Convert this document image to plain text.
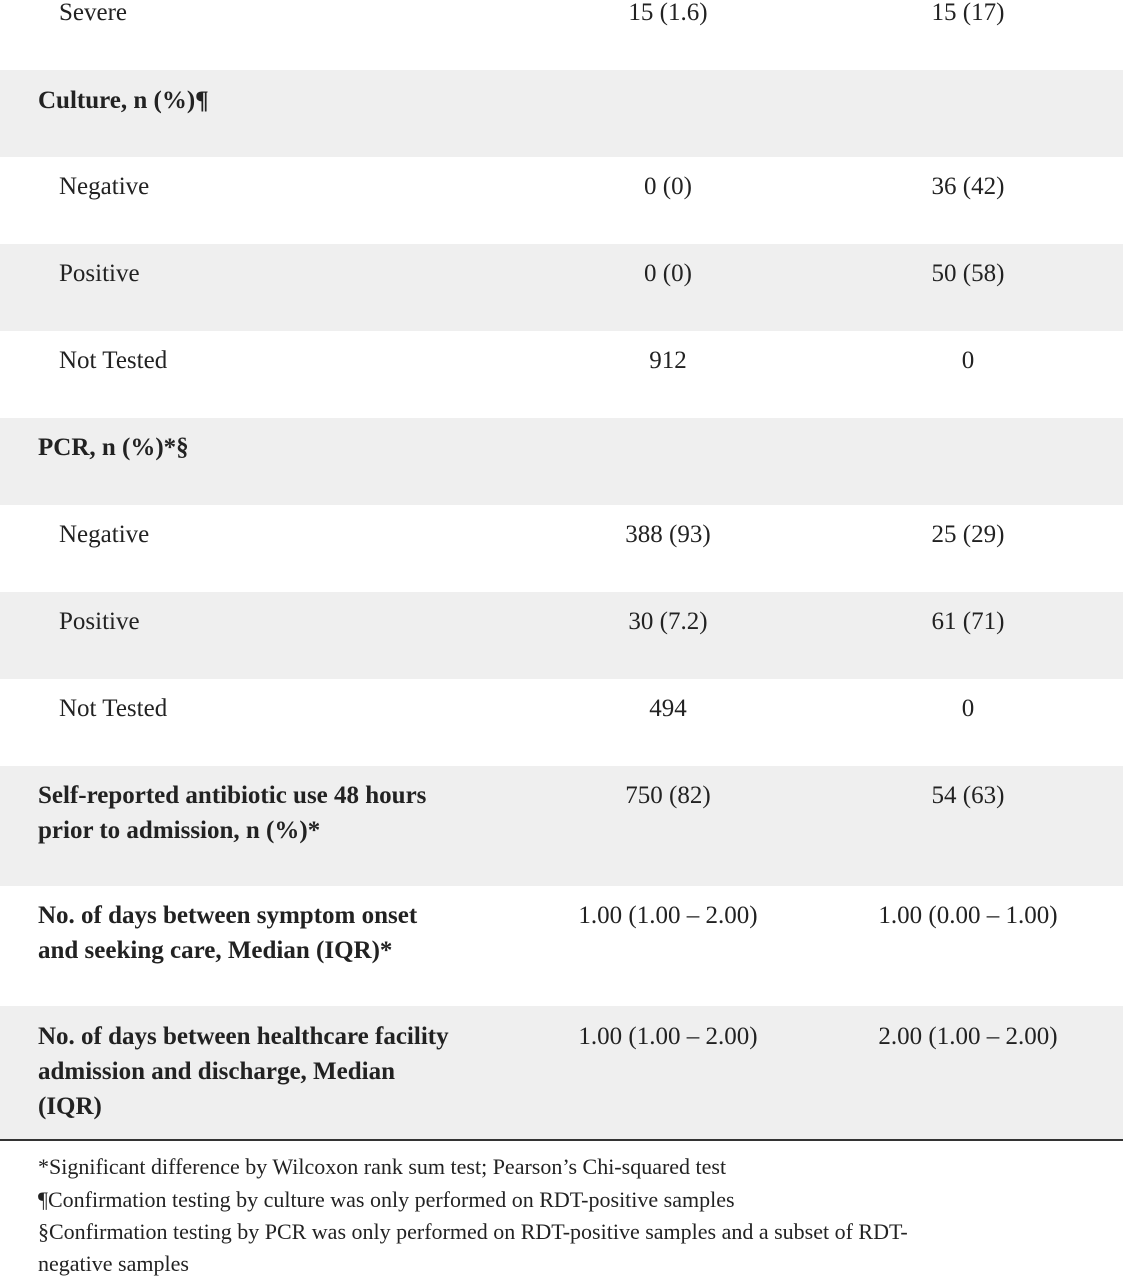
Severe	15 (1.6)	15 (17)
Culture, n (%)¶
Negative	0 (0)	36 (42)
Positive	0 (0)	50 (58)
Not Tested	912	0
PCR, n (%)*§
Negative	388 (93)	25 (29)
Positive	30 (7.2)	61 (71)
Not Tested	494	0
Self-reported antibiotic use 48 hours
prior to admission, n (%)*
750 (82)	54 (63)
No. of days between symptom onset
and seeking care, Median (IQR)*
1.00 (1.00 – 2.00)	1.00 (0.00 – 1.00)
No. of days between healthcare facility
admission and discharge, Median
(IQR)
1.00 (1.00 – 2.00)	2.00 (1.00 – 2.00)
*Significant difference by Wilcoxon rank sum test; Pearson’s Chi-squared test
¶Confirmation testing by culture was only performed on RDT-positive samples
§Confirmation testing by PCR was only performed on RDT-positive samples and a subset of RDT-
negative samples
